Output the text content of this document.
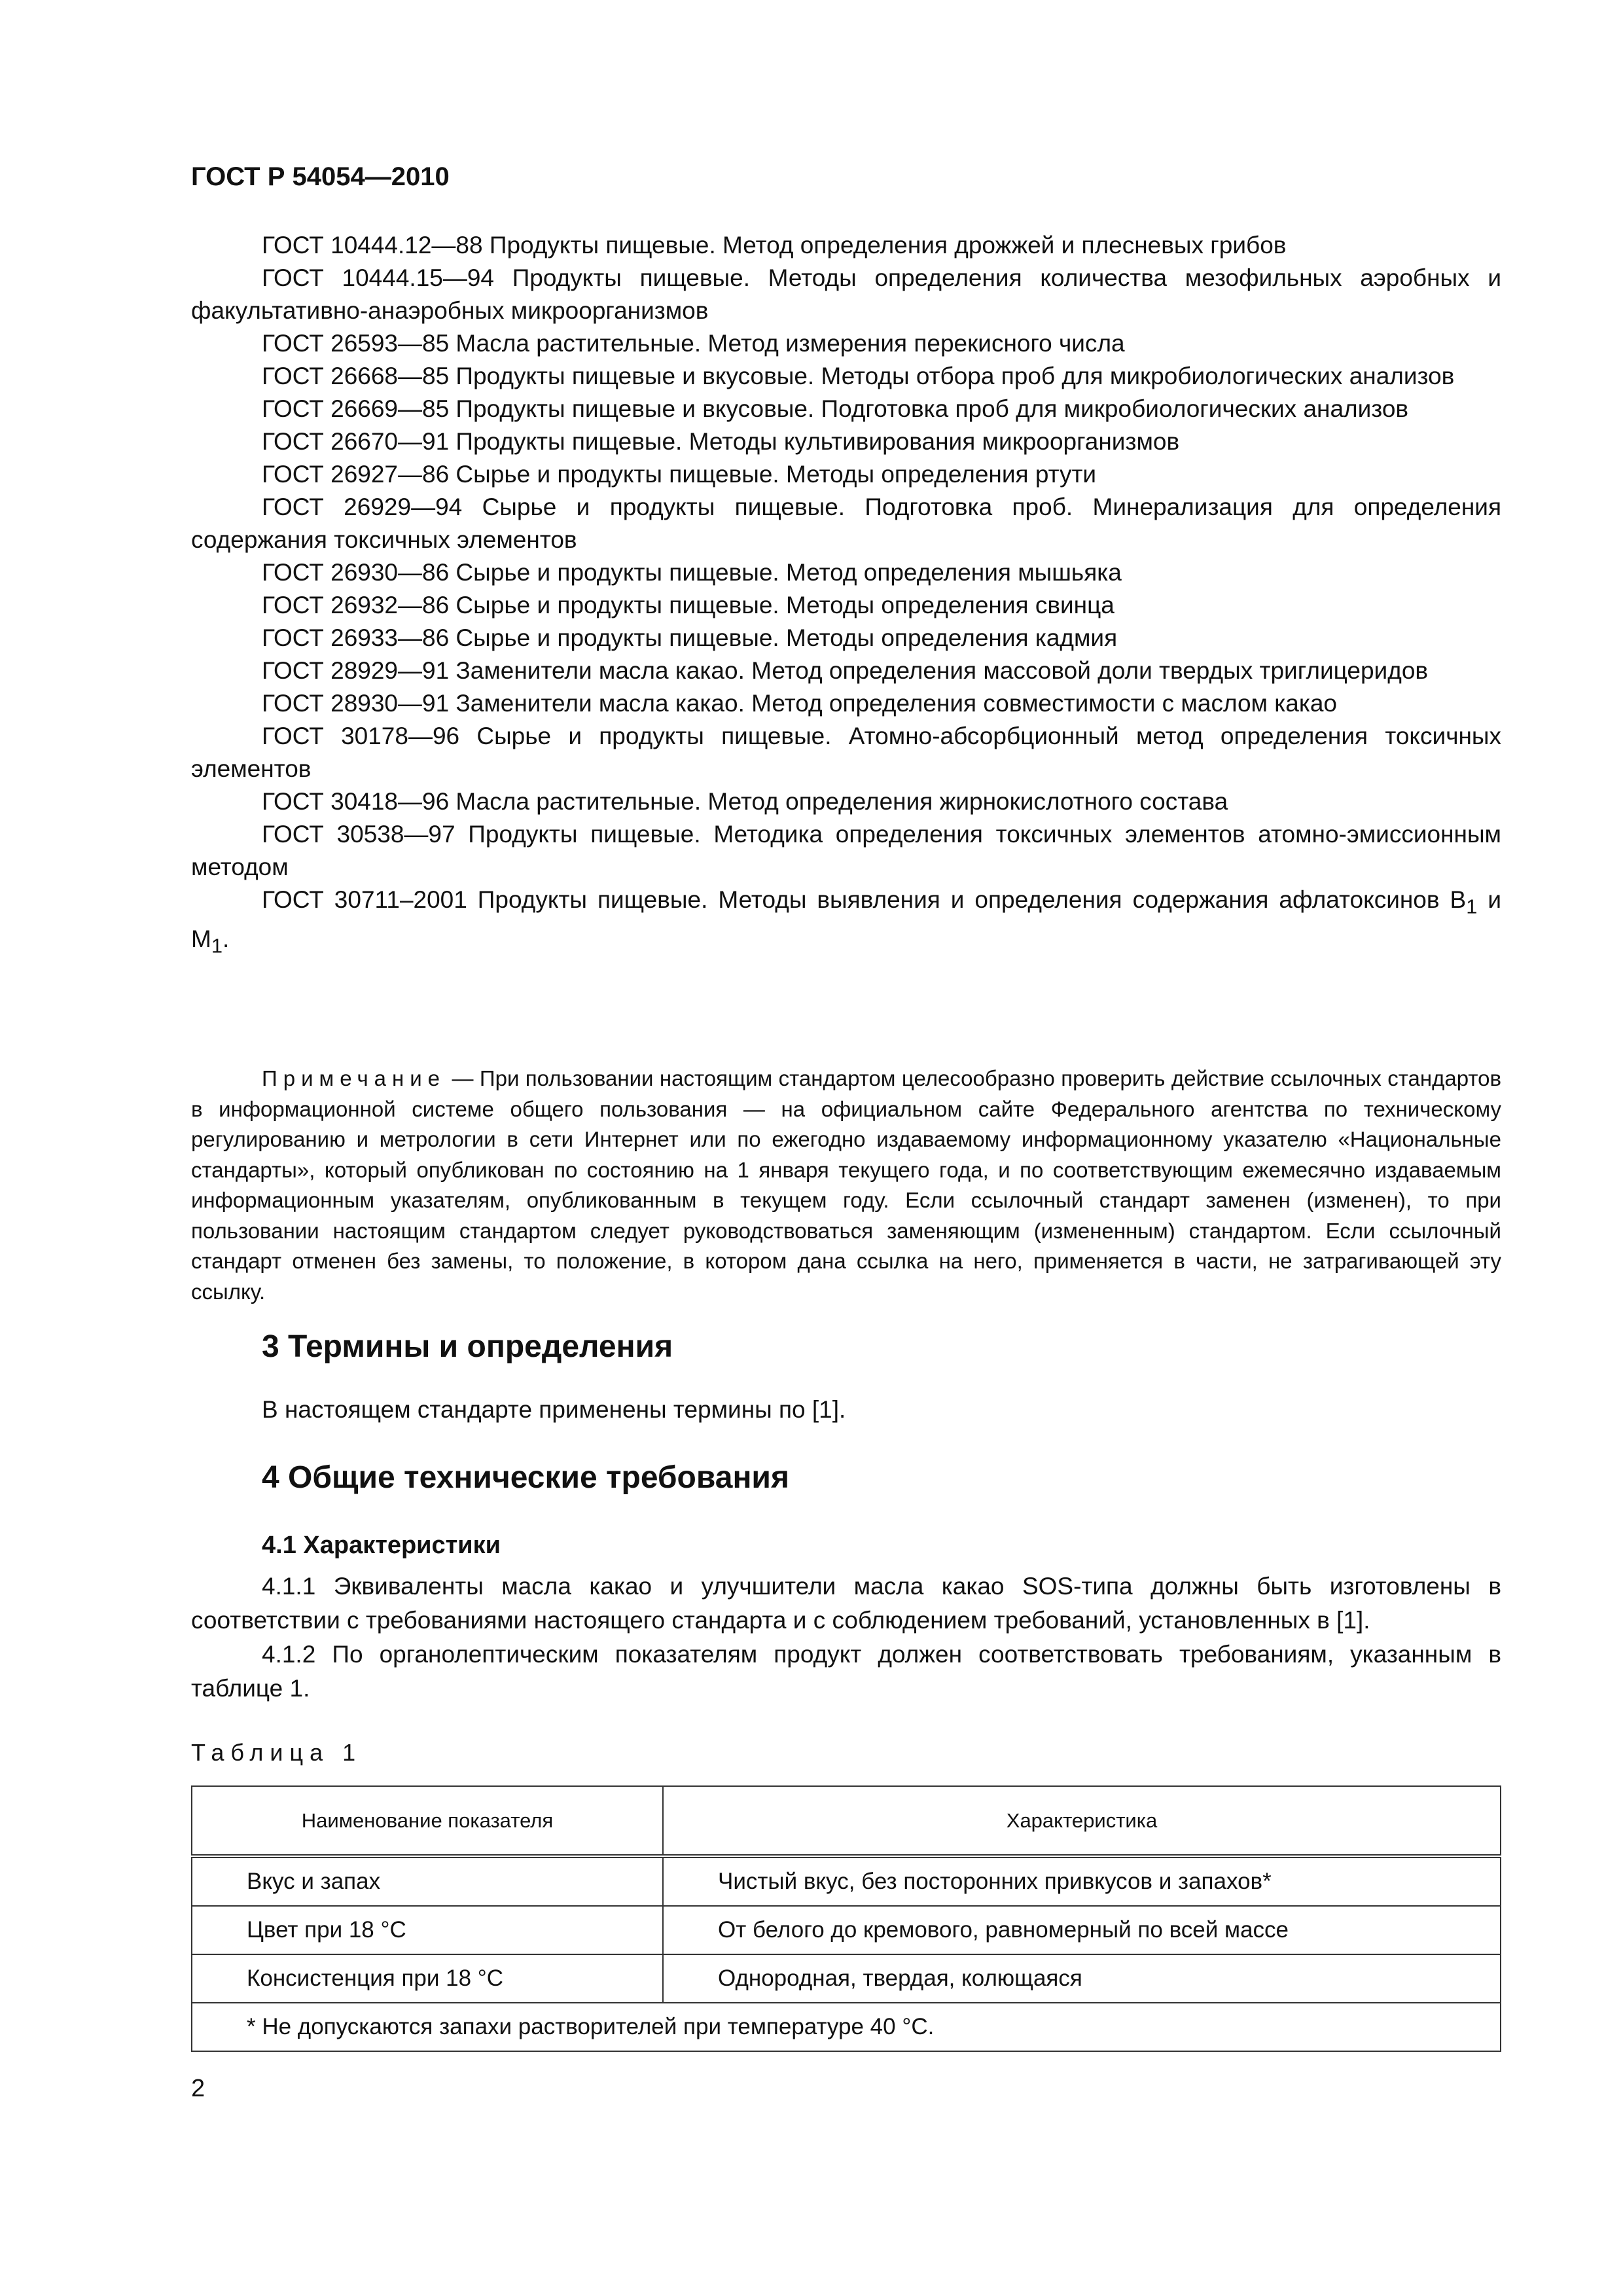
ГОСТ Р 54054—2010
ГОСТ 10444.12—88 Продукты пищевые. Метод определения дрожжей и плесневых грибов
ГОСТ 10444.15—94 Продукты пищевые. Методы определения количества мезофильных аэробных и факультативно-анаэробных микроорганизмов
ГОСТ 26593—85 Масла растительные. Метод измерения перекисного числа
ГОСТ 26668—85 Продукты пищевые и вкусовые. Методы отбора проб для микробиологических анализов
ГОСТ 26669—85 Продукты пищевые и вкусовые. Подготовка проб для микробиологических анализов
ГОСТ 26670—91 Продукты пищевые. Методы культивирования микроорганизмов
ГОСТ 26927—86 Сырье и продукты пищевые. Методы определения ртути
ГОСТ 26929—94 Сырье и продукты пищевые. Подготовка проб. Минерализация для определения содержания токсичных элементов
ГОСТ 26930—86 Сырье и продукты пищевые. Метод определения мышьяка
ГОСТ 26932—86 Сырье и продукты пищевые. Методы определения свинца
ГОСТ 26933—86 Сырье и продукты пищевые. Методы определения кадмия
ГОСТ 28929—91 Заменители масла какао. Метод определения массовой доли твердых триглицеридов
ГОСТ 28930—91 Заменители масла какао. Метод определения совместимости с маслом какао
ГОСТ 30178—96 Сырье и продукты пищевые. Атомно-абсорбционный метод определения токсичных элементов
ГОСТ 30418—96 Масла растительные. Метод определения жирнокислотного состава
ГОСТ 30538—97 Продукты пищевые. Методика определения токсичных элементов атомно-эмиссионным методом
ГОСТ 30711–2001 Продукты пищевые. Методы выявления и определения содержания афлатоксинов $B_1$ и $M_1$.
Примечание — При пользовании настоящим стандартом целесообразно проверить действие ссылочных стандартов в информационной системе общего пользования — на официальном сайте Федерального агентства по техническому регулированию и метрологии в сети Интернет или по ежегодно издаваемому информационному указателю «Национальные стандарты», который опубликован по состоянию на 1 января текущего года, и по соответствующим ежемесячно издаваемым информационным указателям, опубликованным в текущем году. Если ссылочный стандарт заменен (изменен), то при пользовании настоящим стандартом следует руководствоваться заменяющим (измененным) стандартом. Если ссылочный стандарт отменен без замены, то положение, в котором дана ссылка на него, применяется в части, не затрагивающей эту ссылку.
3 Термины и определения
В настоящем стандарте применены термины по [1].
4 Общие технические требования
4.1 Характеристики
4.1.1 Эквиваленты масла какао и улучшители масла какао SOS-типа должны быть изготовлены в соответствии с требованиями настоящего стандарта и с соблюдением требований, установленных в [1].
4.1.2 По органолептическим показателям продукт должен соответствовать требованиям, указанным в таблице 1.
Таблица 1
Наименование показателя	Характеристика
Вкус и запах	Чистый вкус, без посторонних привкусов и запахов*
Цвет при 18 °С	От белого до кремового, равномерный по всей массе
Консистенция при 18 °С	Однородная, твердая, колющаяся
* Не допускаются запахи растворителей при температуре 40 °С.	
2
